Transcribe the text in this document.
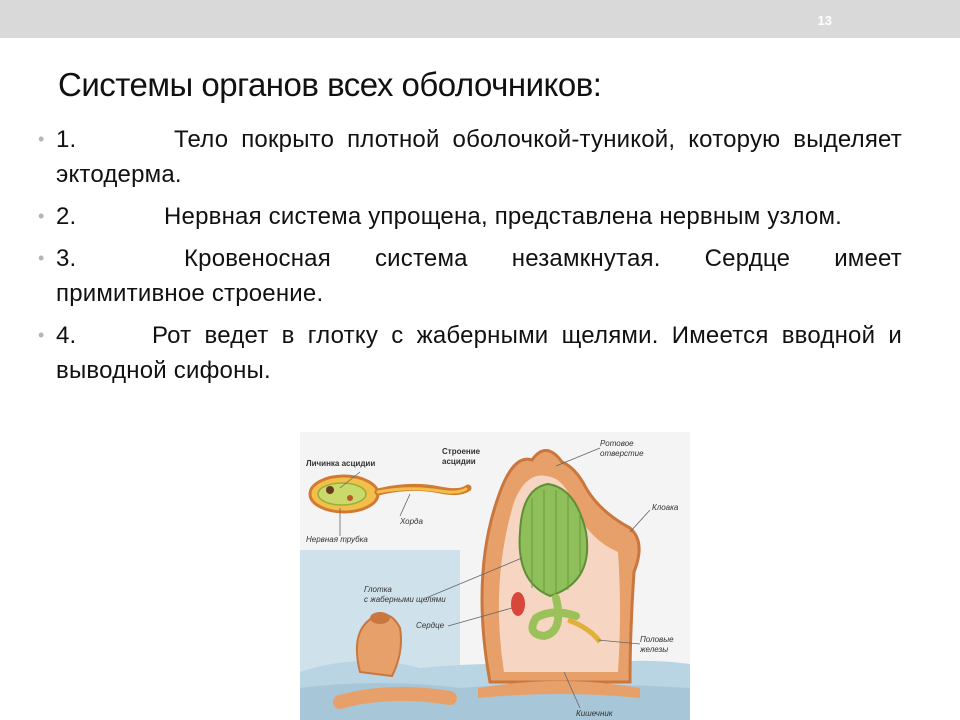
13
Системы органов всех оболочников:
• 1.	Тело покрыто плотной оболочкой-туникой, которую выделяет эктодерма.
• 2.	Нервная система упрощена, представлена нервным узлом.
• 3.	Кровеносная система незамкнутая. Сердце имеет примитивное строение.
• 4.	Рот ведет в глотку с жаберными щелями. Имеется вводной и выводной сифоны.
Личинка асцидии
Строение
асцидии
Хорда
Нервная трубка
Ротовое
отверстие
Клоака
Глотка
с жаберными щелями
Сердце
Половые
железы
Кишечник
